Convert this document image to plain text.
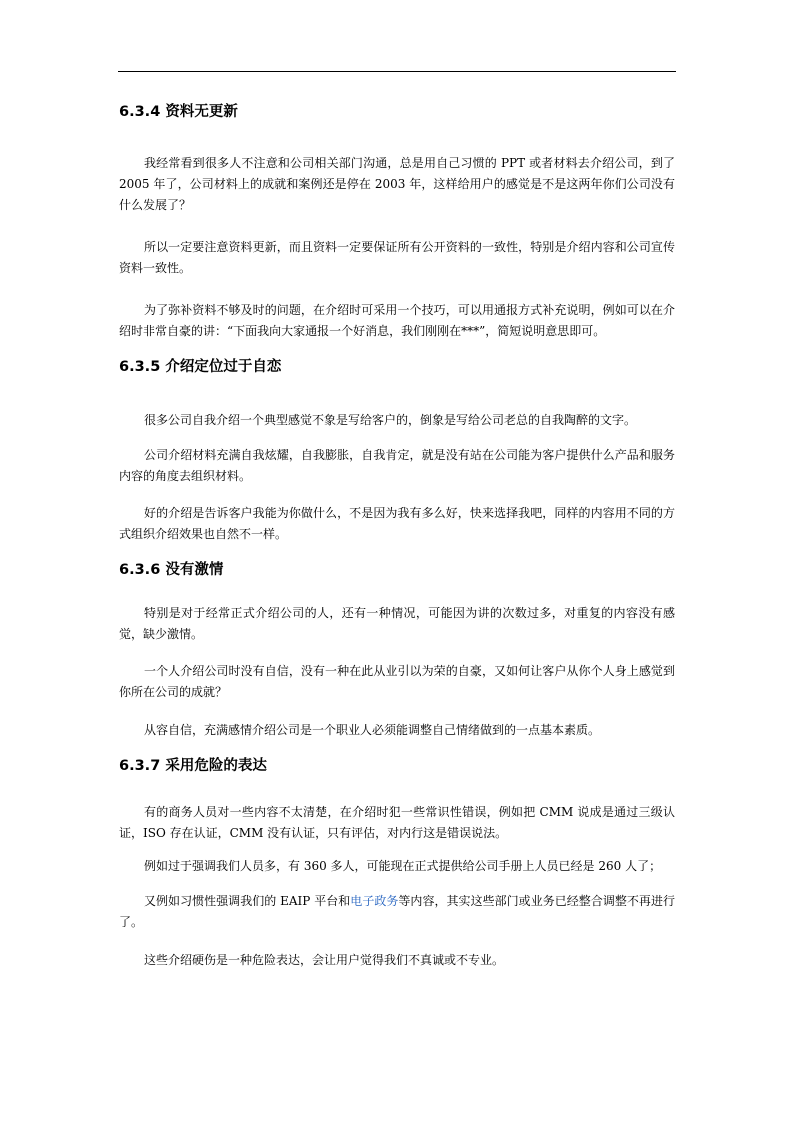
6.3.4 资料无更新

我经常看到很多人不注意和公司相关部门沟通，总是用自己习惯的 PPT 或者材料去介绍公司，到了 2005 年了，公司材料上的成就和案例还是停在 2003 年，这样给用户的感觉是不是这两年你们公司没有什么发展了？

所以一定要注意资料更新，而且资料一定要保证所有公开资料的一致性，特别是介绍内容和公司宣传资料一致性。

为了弥补资料不够及时的问题，在介绍时可采用一个技巧，可以用通报方式补充说明，例如可以在介绍时非常自豪的讲：“下面我向大家通报一个好消息，我们刚刚在***”，简短说明意思即可。

6.3.5 介绍定位过于自恋

很多公司自我介绍一个典型感觉不象是写给客户的，倒象是写给公司老总的自我陶醉的文字。

公司介绍材料充满自我炫耀，自我膨胀，自我肯定，就是没有站在公司能为客户提供什么产品和服务内容的角度去组织材料。

好的介绍是告诉客户我能为你做什么，不是因为我有多么好，快来选择我吧，同样的内容用不同的方式组织介绍效果也自然不一样。

6.3.6 没有激情

特别是对于经常正式介绍公司的人，还有一种情况，可能因为讲的次数过多，对重复的内容没有感觉，缺少激情。

一个人介绍公司时没有自信，没有一种在此从业引以为荣的自豪，又如何让客户从你个人身上感觉到你所在公司的成就？

从容自信，充满感情介绍公司是一个职业人必须能调整自己情绪做到的一点基本素质。

6.3.7 采用危险的表达

有的商务人员对一些内容不太清楚，在介绍时犯一些常识性错误，例如把 CMM 说成是通过三级认证，ISO 存在认证，CMM 没有认证，只有评估，对内行这是错误说法。

例如过于强调我们人员多，有 360 多人，可能现在正式提供给公司手册上人员已经是 260 人了；

又例如习惯性强调我们的 EAIP 平台和电子政务等内容，其实这些部门或业务已经整合调整不再进行了。

这些介绍硬伤是一种危险表达，会让用户觉得我们不真诚或不专业。
